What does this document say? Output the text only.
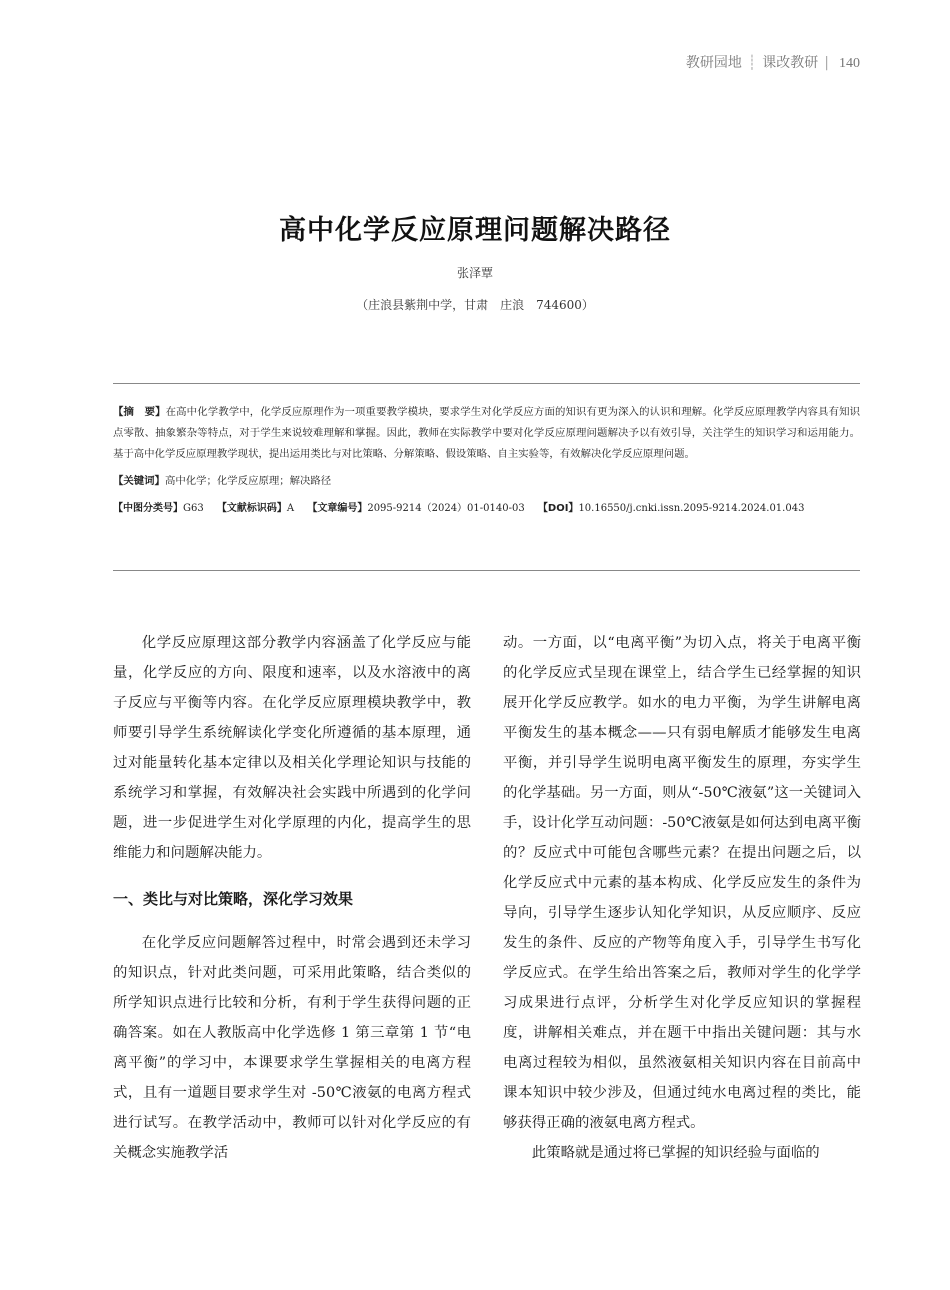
教研园地 ┊ 课改教研 | 140
高中化学反应原理问题解决路径
张泽覃
（庄浪县紫荆中学，甘肃　庄浪　744600）

【摘　要】在高中化学教学中，化学反应原理作为一项重要教学模块，要求学生对化学反应方面的知识有更为深入的认识和理解。化学反应原理教学内容具有知识点零散、抽象繁杂等特点，对于学生来说较难理解和掌握。因此，教师在实际教学中要对化学反应原理问题解决予以有效引导，关注学生的知识学习和运用能力。基于高中化学反应原理教学现状，提出运用类比与对比策略、分解策略、假设策略、自主实验等，有效解决化学反应原理问题。

【关键词】高中化学；化学反应原理；解决路径

【中图分类号】G63 【文献标识码】A 【文章编号】2095-9214（2024）01-0140-03 【DOI】10.16550/j.cnki.issn.2095-9214.2024.01.043

化学反应原理这部分教学内容涵盖了化学反应与能量，化学反应的方向、限度和速率，以及水溶液中的离子反应与平衡等内容。在化学反应原理模块教学中，教师要引导学生系统解读化学变化所遵循的基本原理，通过对能量转化基本定律以及相关化学理论知识与技能的系统学习和掌握，有效解决社会实践中所遇到的化学问题，进一步促进学生对化学原理的内化，提高学生的思维能力和问题解决能力。

一、类比与对比策略，深化学习效果

在化学反应问题解答过程中，时常会遇到还未学习的知识点，针对此类问题，可采用此策略，结合类似的所学知识点进行比较和分析，有利于学生获得问题的正确答案。如在人教版高中化学选修 1 第三章第 1 节“电离平衡”的学习中，本课要求学生掌握相关的电离方程式，且有一道题目要求学生对 -50℃液氨的电离方程式进行试写。在教学活动中，教师可以针对化学反应的有关概念实施教学活

动。一方面，以“电离平衡”为切入点，将关于电离平衡的化学反应式呈现在课堂上，结合学生已经掌握的知识展开化学反应教学。如水的电力平衡，为学生讲解电离平衡发生的基本概念——只有弱电解质才能够发生电离平衡，并引导学生说明电离平衡发生的原理，夯实学生的化学基础。另一方面，则从“-50℃液氨”这一关键词入手，设计化学互动问题：-50℃液氨是如何达到电离平衡的？反应式中可能包含哪些元素？在提出问题之后，以化学反应式中元素的基本构成、化学反应发生的条件为导向，引导学生逐步认知化学知识，从反应顺序、反应发生的条件、反应的产物等角度入手，引导学生书写化学反应式。在学生给出答案之后，教师对学生的化学学习成果进行点评，分析学生对化学反应知识的掌握程度，讲解相关难点，并在题干中指出关键问题：其与水电离过程较为相似，虽然液氨相关知识内容在目前高中课本知识中较少涉及，但通过纯水电离过程的类比，能够获得正确的液氨电离方程式。

此策略就是通过将已掌握的知识经验与面临的
